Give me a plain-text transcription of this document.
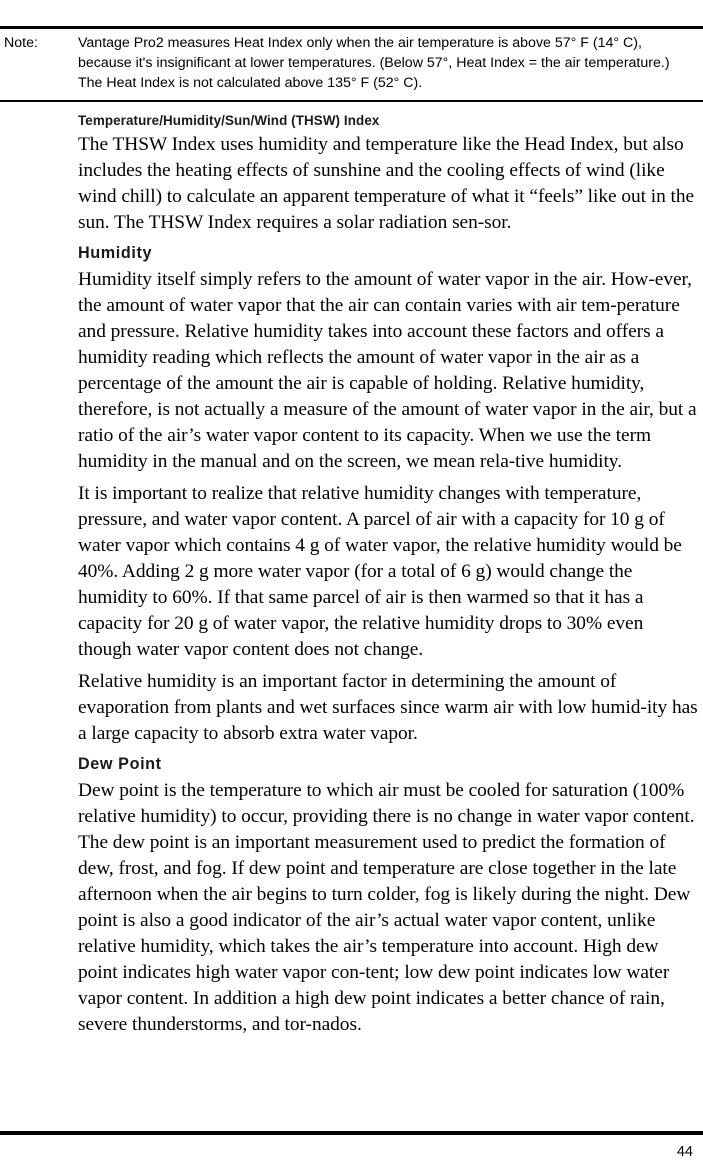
Note:	Vantage Pro2 measures Heat Index only when the air temperature is above 57° F (14° C), because it's insignificant at lower temperatures. (Below 57°, Heat Index = the air temperature.) The Heat Index is not calculated above 135° F (52° C).
Temperature/Humidity/Sun/Wind (THSW) Index

The THSW Index uses humidity and temperature like the Head Index, but also includes the heating effects of sunshine and the cooling effects of wind (like wind chill) to calculate an apparent temperature of what it “feels” like out in the sun. The THSW Index requires a solar radiation sen-sor.

Humidity

Humidity itself simply refers to the amount of water vapor in the air. How-ever, the amount of water vapor that the air can contain varies with air tem-perature and pressure. Relative humidity takes into account these factors and offers a humidity reading which reflects the amount of water vapor in the air as a percentage of the amount the air is capable of holding. Relative humidity, therefore, is not actually a measure of the amount of water vapor in the air, but a ratio of the air’s water vapor content to its capacity. When we use the term humidity in the manual and on the screen, we mean rela-tive humidity.

It is important to realize that relative humidity changes with temperature, pressure, and water vapor content. A parcel of air with a capacity for 10 g of water vapor which contains 4 g of water vapor, the relative humidity would be 40%. Adding 2 g more water vapor (for a total of 6 g) would change the humidity to 60%. If that same parcel of air is then warmed so that it has a capacity for 20 g of water vapor, the relative humidity drops to 30% even though water vapor content does not change.

Relative humidity is an important factor in determining the amount of evaporation from plants and wet surfaces since warm air with low humid-ity has a large capacity to absorb extra water vapor.

Dew Point

Dew point is the temperature to which air must be cooled for saturation (100% relative humidity) to occur, providing there is no change in water vapor content. The dew point is an important measurement used to predict the formation of dew, frost, and fog. If dew point and temperature are close together in the late afternoon when the air begins to turn colder, fog is likely during the night. Dew point is also a good indicator of the air’s actual water vapor content, unlike relative humidity, which takes the air’s temperature into account. High dew point indicates high water vapor con-tent; low dew point indicates low water vapor content. In addition a high dew point indicates a better chance of rain, severe thunderstorms, and tor-nados.

44
